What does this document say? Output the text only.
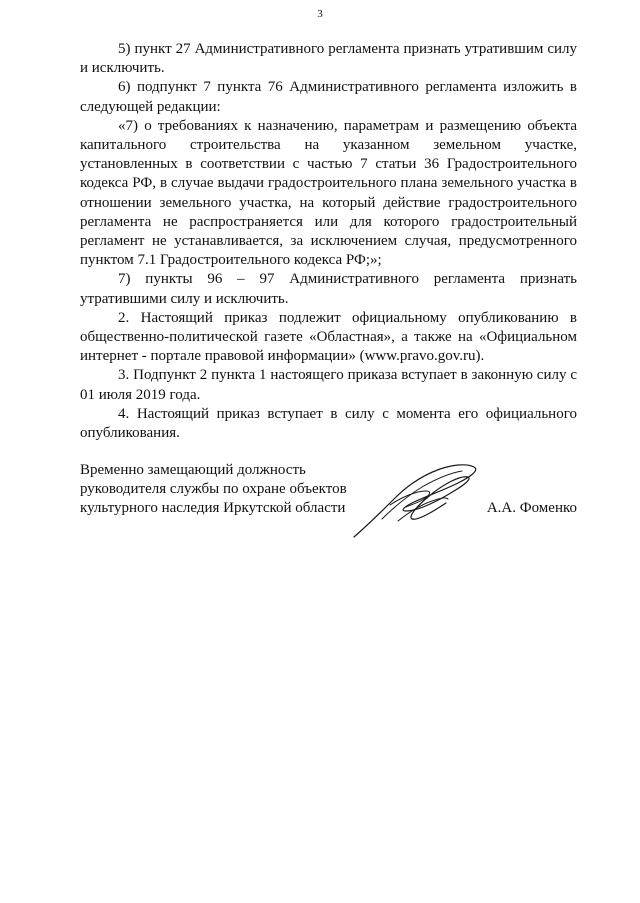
3

5) пункт 27 Административного регламента признать утратившим силу и исключить.

6) подпункт 7 пункта 76 Административного регламента изложить в следующей редакции:

«7) о требованиях к назначению, параметрам и размещению объекта капитального строительства на указанном земельном участке, установленных в соответствии с частью 7 статьи 36 Градостроительного кодекса РФ, в случае выдачи градостроительного плана земельного участка в отношении земельного участка, на который действие градостроительного регламента не распространяется или для которого градостроительный регламент не устанавливается, за исключением случая, предусмотренного пунктом 7.1 Градостроительного кодекса РФ;»;

7) пункты 96 – 97 Административного регламента признать утратившими силу и исключить.

2. Настоящий приказ подлежит официальному опубликованию в общественно-политической газете «Областная», а также на «Официальном интернет - портале правовой информации» (www.pravo.gov.ru).

3. Подпункт 2 пункта 1 настоящего приказа вступает в законную силу с 01 июля 2019 года.

4. Настоящий приказ вступает в силу с момента его официального опубликования.

Временно замещающий должность
руководителя службы по охране объектов
культурного наследия Иркутской области	А.А. Фоменко
